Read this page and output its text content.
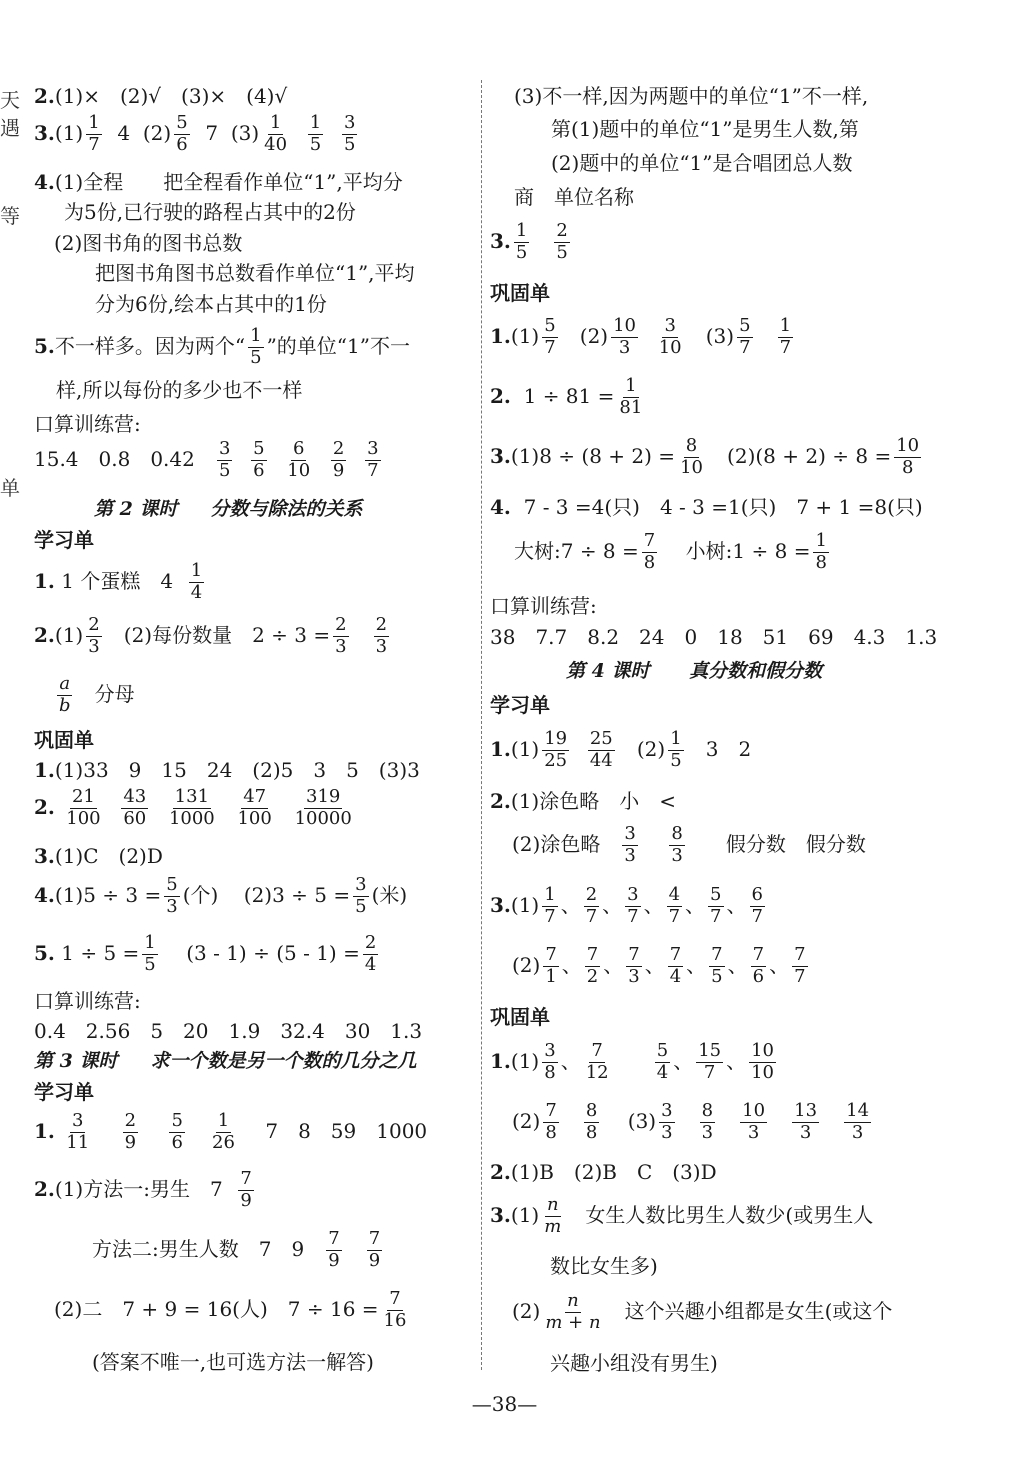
天
遇
等
单
2.(1)×　(2)√　(3)×　(4)√
$3.(1) \frac{1}{7} 4$ $(2) \frac{5}{6} 7$ $(3) \frac{1}{40}$
$\frac{1}{5}$
$\frac{3}{5}$
4.(1)全程　　把全程看作单位“1”,平均分
为5份,已行驶的路程占其中的2份
(2)图书角的图书总数
把图书角图书总数看作单位“1”,平均
分为6份,绘本占其中的1份
5.不一样多。因为两个“ $\frac{1}{5}$ ”的单位“1”不一
样,所以每份的多少也不一样
口算训练营:
15.4　0.8　$0.42 \frac{3}{5}$
$\frac{5}{6}$
$\frac{6}{10}$
$\frac{2}{9}$
$\frac{3}{7}$
第 2 课时 分数与除法的关系
学习单
1. 1 个蛋糕　$4 \frac{1}{4}$
$2.(1) \frac{2}{3} (2)$每份数量　$2 \div 3 = \frac{2}{3}$
$\frac{2}{3}$
$\frac{a}{b}$ 分母
巩固单
1.(1)33　9　15　24　(2)5　3　5　(3)3
2. $\frac{21}{100}$
$\frac{43}{60}$
$\frac{131}{1000}$
$\frac{47}{100}$
$\frac{319}{10000}$
3.(1)C　(2)D
$4.(1)5 \div 3 = \frac{5}{3}$ (个) $(2)3 \div 5 = \frac{3}{5}$ (米)
5. $1 \div 5 = \frac{1}{5} (3 - 1) \div (5 - 1) = \frac{2}{4}$
口算训练营:
0.4　2.56　5　20　1.9　32.4　30　1.3
第 3 课时 求一个数是另一个数的几分之几
学习单
1. $\frac{3}{11}$
$\frac{2}{9}$
$\frac{5}{6}$
$\frac{1}{26} 7$　8　59　1000
2.(1)方法一:男生　$7 \frac{7}{9}$
方法二:男生人数　7　$9 \frac{7}{9}$
$\frac{7}{9}$
(2)二　7 + 9 = 16(人)　$7 \div 16 = \frac{7}{16}$
(答案不唯一,也可选方法一解答)
(3)不一样,因为两题中的单位“1”不一样,
第(1)题中的单位“1”是男生人数,第
(2)题中的单位“1”是合唱团总人数
商　单位名称
3. $\frac{1}{5}$
$\frac{2}{5}$
巩固单
$1.(1) \frac{5}{7} (2) \frac{10}{3}$
$\frac{3}{10} (3) \frac{5}{7}$
$\frac{1}{7}$
2. $1 \div 81 = \frac{1}{81}$
$3.(1)8 \div (8 + 2) = \frac{8}{10} (2)(8 + 2) \div 8 = \frac{10}{8}$
4. 7 - 3 =4(只)　4 - 3 =1(只)　7 + 1 =8(只)
大树:7 ÷ $8 = \frac{7}{8}$ 小树:1 ÷ $8 = \frac{1}{8}$
口算训练营:
38　7.7　8.2　24　0　18　51　69　4.3　1.3
第 4 课时 真分数和假分数
学习单
$1.(1) \frac{19}{25}$
$\frac{25}{44} (2) \frac{1}{5} 3$　2
2.(1)涂色略　小　<
(2)涂色略 $\frac{3}{3}$
$\frac{8}{3}$ 假分数　假分数
$3.(1) \frac{1}{7}$ 、 $\frac{2}{7}$ 、 $\frac{3}{7}$ 、 $\frac{4}{7}$ 、 $\frac{5}{7}$ 、 $\frac{6}{7}$
$(2) \frac{7}{1}$ 、 $\frac{7}{2}$ 、 $\frac{7}{3}$ 、 $\frac{7}{4}$ 、 $\frac{7}{5}$ 、 $\frac{7}{6}$ 、 $\frac{7}{7}$
巩固单
$1.(1) \frac{3}{8}$ 、 $\frac{7}{12}$
$\frac{5}{4}$ 、 $\frac{15}{7}$ 、 $\frac{10}{10}$
$(2) \frac{7}{8}$
$\frac{8}{8} (3) \frac{3}{3}$
$\frac{8}{3}$
$\frac{10}{3}$
$\frac{13}{3}$
$\frac{14}{3}$
2.(1)B　(2)B　C　(3)D
$3.(1) \frac{n}{m}$ 女生人数比男生人数少(或男生人
数比女生多)
$(2) \frac{n}{m + n}$ 这个兴趣小组都是女生(或这个
兴趣小组没有男生)
—38—
